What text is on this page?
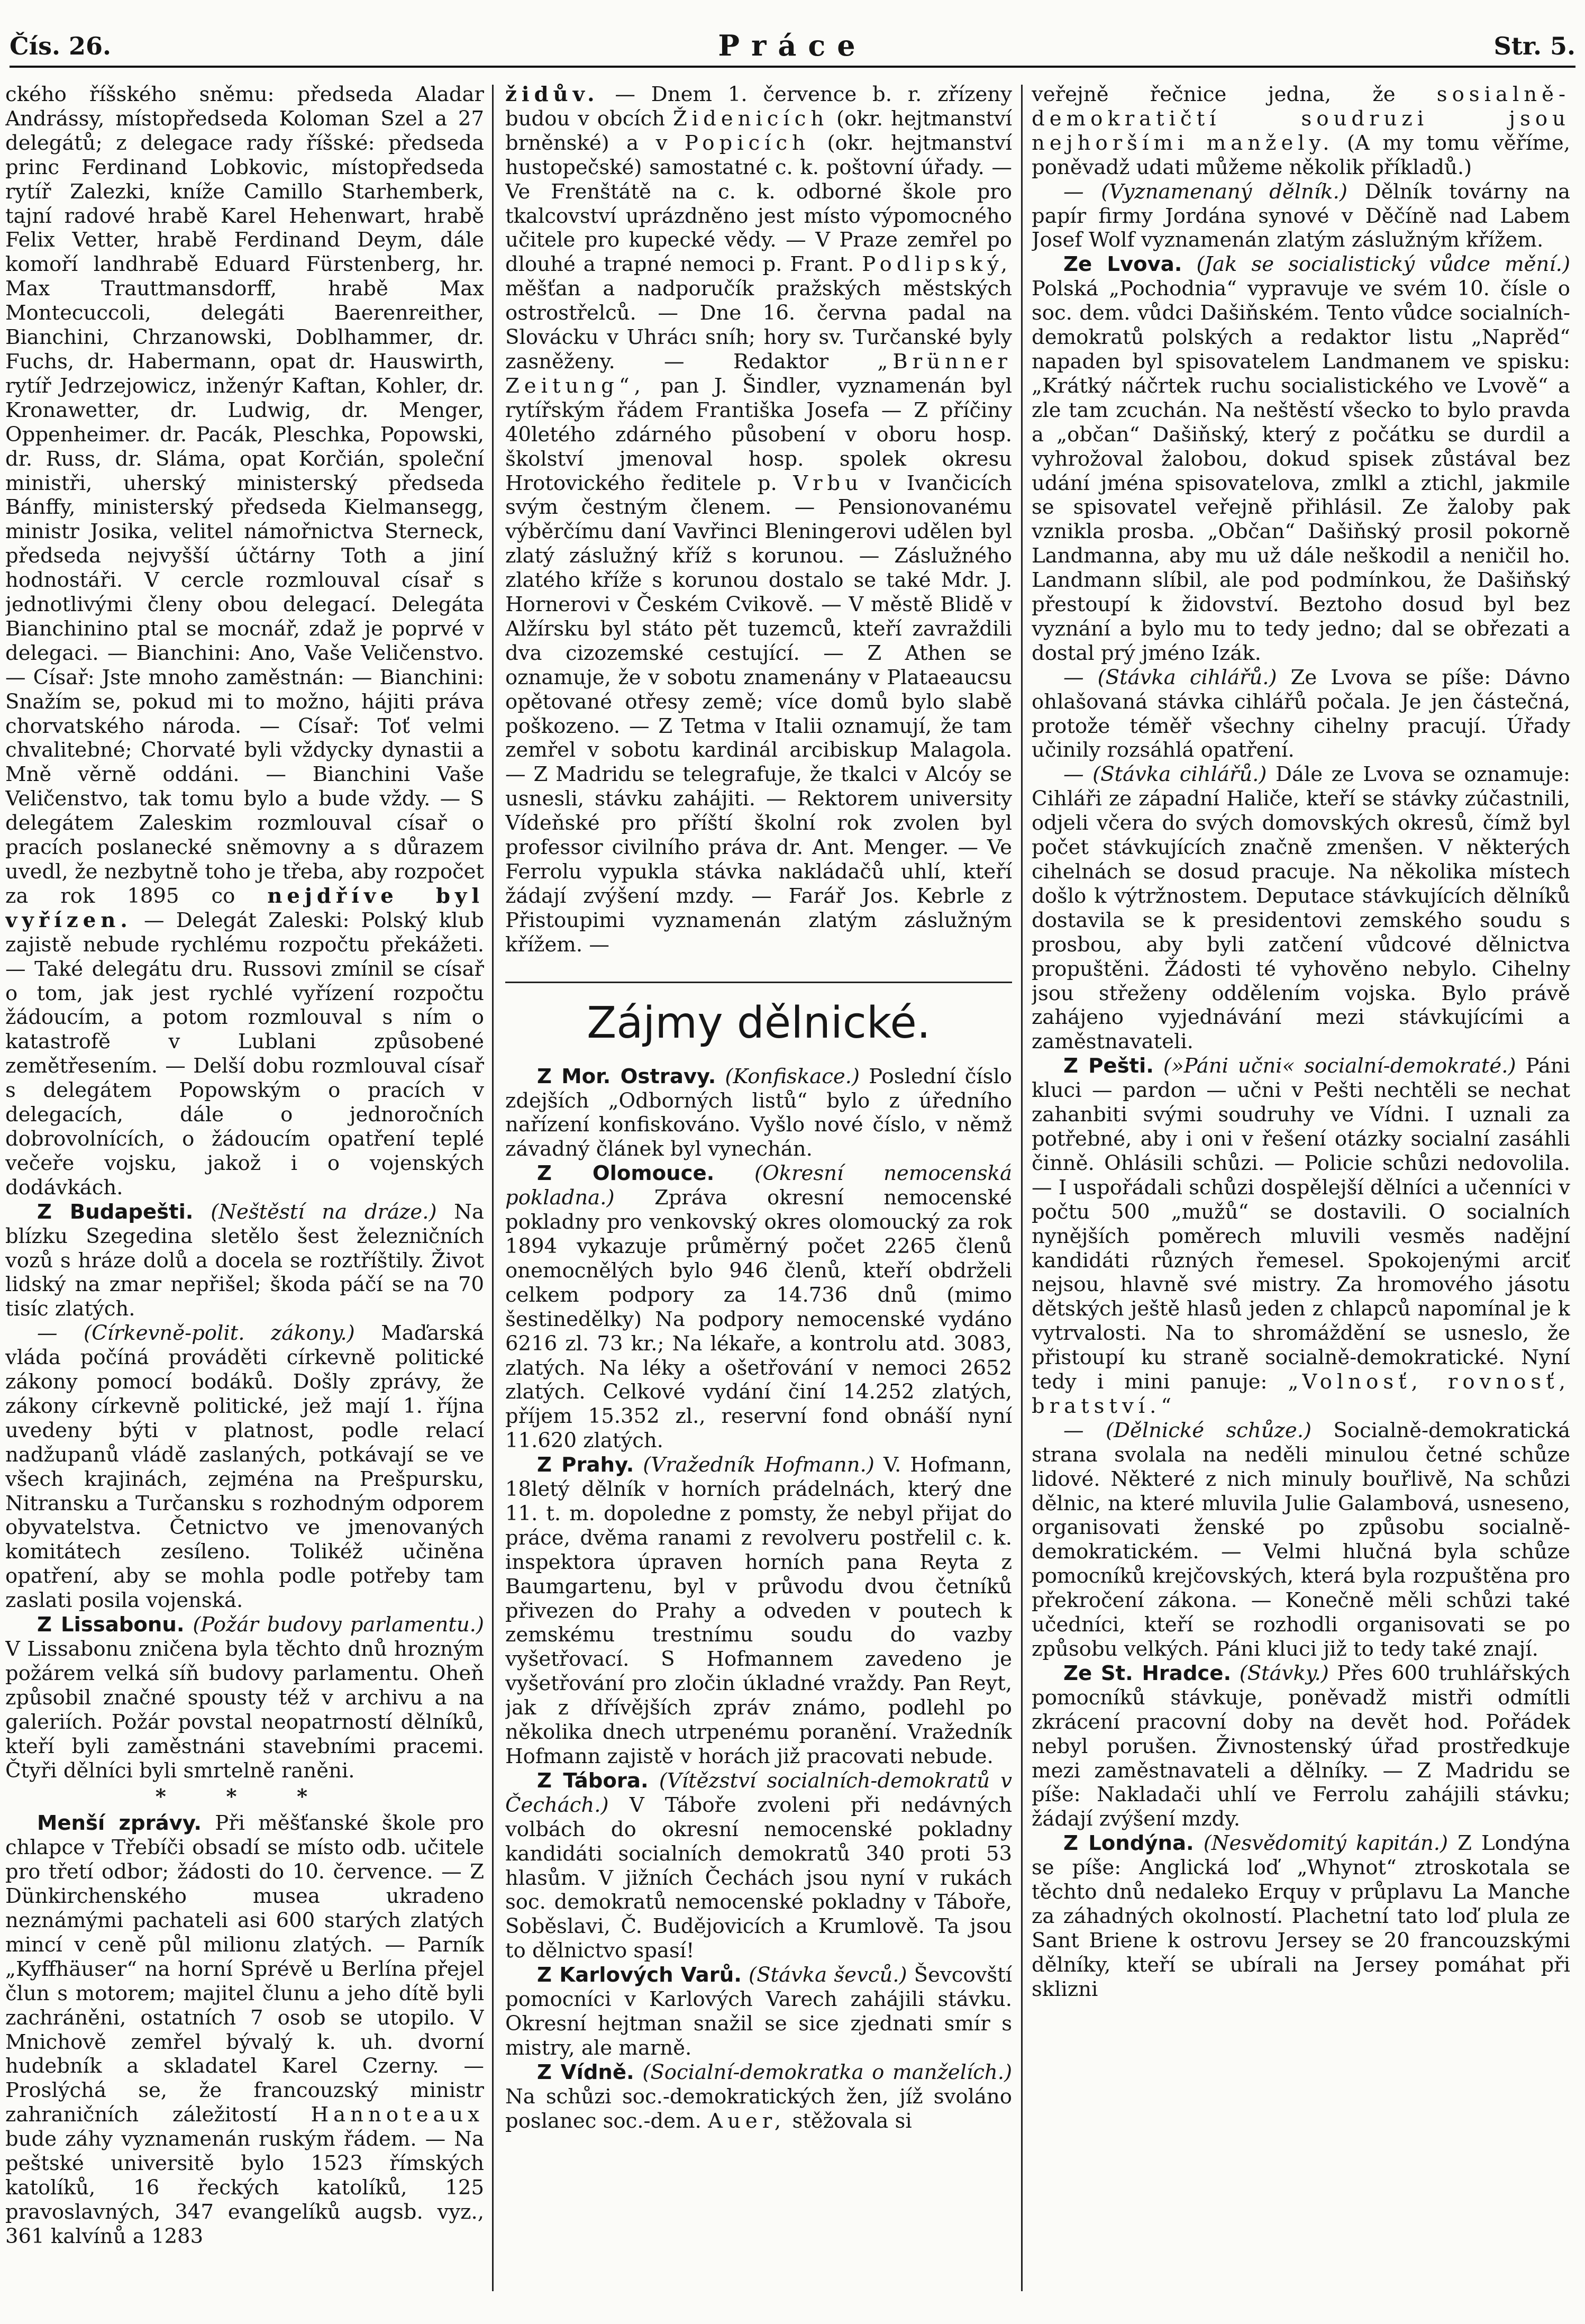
Čís. 26.	Práce	Str. 5.

ckého říšského sněmu: předseda Aladar Andrássy, místopředseda Koloman Szel a 27 delegátů; z delegace rady říšské: předseda princ Ferdinand Lobkovic, místopředseda rytíř Zalezki, kníže Camillo Starhemberk, tajní radové hrabě Karel Hehenwart, hrabě Felix Vetter, hrabě Ferdinand Deym, dále komoří landhrabě Eduard Fürstenberg, hr. Max Trauttmansdorff, hrabě Max Montecuccoli, delegáti Baerenreither, Bianchini, Chrzanowski, Doblhammer, dr. Fuchs, dr. Habermann, opat dr. Hauswirth, rytíř Jedrzejowicz, inženýr Kaftan, Kohler, dr. Kronawetter, dr. Ludwig, dr. Menger, Oppenheimer. dr. Pacák, Pleschka, Popowski, dr. Russ, dr. Sláma, opat Korčián, společní ministři, uherský ministerský předseda Bánffy, ministerský předseda Kielmansegg, ministr Josika, velitel námořnictva Sterneck, předseda nejvyšší účtárny Toth a jiní hodnostáři. V cercle rozmlouval císař s jednotlivými členy obou delegací. Delegáta Bianchinino ptal se mocnář, zdaž je poprvé v delegaci. — Bianchini: Ano, Vaše Veličenstvo. — Císař: Jste mnoho zaměstnán: — Bianchini: Snažím se, pokud mi to možno, hájiti práva chorvatského národa. — Císař: Toť velmi chvalitebné; Chorvaté byli vždycky dynastii a Mně věrně oddáni. — Bianchini Vaše Veličenstvo, tak tomu bylo a bude vždy. — S delegátem Zaleskim rozmlouval císař o pracích poslanecké sněmovny a s důrazem uvedl, že nezbytně toho je třeba, aby rozpočet za rok 1895 co nejdříve byl vyřízen. — Delegát Zaleski: Polský klub zajistě nebude rychlému rozpočtu překážeti. — Také delegátu dru. Russovi zmínil se císař o tom, jak jest rychlé vyřízení rozpočtu žádoucím, a potom rozmlouval s ním o katastrofě v Lublani způsobené zemětřesením. — Delší dobu rozmlouval císař s delegátem Popowským o pracích v delegacích, dále o jednoročních dobrovolnících, o žádoucím opatření teplé večeře vojsku, jakož i o vojenských dodávkách.

Z Budapešti. (Neštěstí na dráze.) Na blízku Szegedina sletělo šest železničních vozů s hráze dolů a docela se roztříštily. Život lidský na zmar nepřišel; škoda páčí se na 70 tisíc zlatých.

— (Církevně-polit. zákony.) Maďarská vláda počíná prováděti církevně politické zákony pomocí bodáků. Došly zprávy, že zákony církevně politické, jež mají 1. října uvedeny býti v platnost, podle relací nadžupanů vládě zaslaných, potkávají se ve všech krajinách, zejména na Prešpursku, Nitransku a Turčansku s rozhodným odporem obyvatelstva. Četnictvo ve jmenovaných komitátech zesíleno. Tolikéž učiněna opatření, aby se mohla podle potřeby tam zaslati posila vojenská.

Z Lissabonu. (Požár budovy parlamentu.) V Lissabonu zničena byla těchto dnů hrozným požárem velká síň budovy parlamentu. Oheň způsobil značné spousty též v archivu a na galeriích. Požár povstal neopatrností dělníků, kteří byli zaměstnáni stavebními pracemi. Čtyři dělníci byli smrtelně raněni.

* * *

Menší zprávy. Při měšťanské škole pro chlapce v Třebíči obsadí se místo odb. učitele pro třetí odbor; žádosti do 10. července. — Z Dünkirchenského musea ukradeno neznámými pachateli asi 600 starých zlatých mincí v ceně půl milionu zlatých. — Parník „Kyffhäuser“ na horní Sprévě u Berlína přejel člun s motorem; majitel člunu a jeho dítě byli zachráněni, ostatních 7 osob se utopilo. V Mnichově zemřel bývalý k. uh. dvorní hudebník a skladatel Karel Czerny. — Proslýchá se, že francouzský ministr zahraničních záležitostí Hannoteaux bude záhy vyznamenán ruským řádem. — Na peštské universitě bylo 1523 římských katolíků, 16 řeckých katolíků, 125 pravoslavných, 347 evangelíků augsb. vyz., 361 kalvínů a 1283

židův. — Dnem 1. července b. r. zřízeny budou v obcích Židenicích (okr. hejtmanství brněnské) a v Popicích (okr. hejtmanství hustopečské) samostatné c. k. poštovní úřady. — Ve Frenštátě na c. k. odborné škole pro tkalcovství uprázdněno jest místo výpomocného učitele pro kupecké vědy. — V Praze zemřel po dlouhé a trapné nemoci p. Frant. Podlipský, měšťan a nadporučík pražských městských ostrostřelců. — Dne 16. června padal na Slovácku v Uhrácı sníh; hory sv. Turčanské byly zasněženy. — Redaktor „Brünner Zeitung“, pan J. Šindler, vyznamenán byl rytířským řádem Františka Josefa — Z příčiny 40letého zdárného působení v oboru hosp. školství jmenoval hosp. spolek okresu Hrotovického ředitele p. Vrbu v Ivančicích svým čestným členem. — Pensionovanému výběrčímu daní Vavřinci Bleningerovi udělen byl zlatý záslužný kříž s korunou. — Záslužného zlatého kříže s korunou dostalo se také Mdr. J. Hornerovi v Českém Cvikově. — V městě Blidě v Alžírsku byl státo pět tuzemců, kteří zavraždili dva cizozemské cestující. — Z Athen se oznamuje, že v sobotu znamenány v Plataeaucsu opětované otřesy země; více domů bylo slabě poškozeno. — Z Tetma v Italii oznamují, že tam zemřel v sobotu kardinál arcibiskup Malagola. — Z Madridu se telegrafuje, že tkalci v Alcóy se usnesli, stávku zahájiti. — Rektorem university Vídeňské pro příští školní rok zvolen byl professor civilního práva dr. Ant. Menger. — Ve Ferrolu vypukla stávka nakládačů uhlí, kteří žádají zvýšení mzdy. — Farář Jos. Kebrle z Přistoupimi vyznamenán zlatým záslužným křížem. —

Zájmy dělnické.

Z Mor. Ostravy. (Konfiskace.) Poslední číslo zdejších „Odborných listů“ bylo z úředního nařízení konfiskováno. Vyšlo nové číslo, v němž závadný článek byl vynechán.

Z Olomouce. (Okresní nemocenská pokladna.) Zpráva okresní nemocenské pokladny pro venkovský okres olomoucký za rok 1894 vykazuje průměrný počet 2265 členů onemocnělých bylo 946 členů, kteří obdrželi celkem podpory za 14.736 dnů (mimo šestinedělky) Na podpory nemocenské vydáno 6216 zl. 73 kr.; Na lékaře, a kontrolu atd. 3083, zlatých. Na léky a ošetřování v nemoci 2652 zlatých. Celkové vydání činí 14.252 zlatých, příjem 15.352 zl., reservní fond obnáší nyní 11.620 zlatých.

Z Prahy. (Vražedník Hofmann.) V. Hofmann, 18letý dělník v horních prádelnách, který dne 11. t. m. dopoledne z pomsty, že nebyl přijat do práce, dvěma ranami z revolveru postřelil c. k. inspektora úpraven horních pana Reyta z Baumgartenu, byl v průvodu dvou četníků přivezen do Prahy a odveden v poutech k zemskému trestnímu soudu do vazby vyšetřovací. S Hofmannem zavedeno je vyšetřování pro zločin úkladné vraždy. Pan Reyt, jak z dřívějších zpráv známo, podlehl po několika dnech utrpenému poranění. Vražedník Hofmann zajistě v horách již pracovati nebude.

Z Tábora. (Vítězství socialních-demokratů v Čechách.) V Táboře zvoleni při nedávných volbách do okresní nemocenské pokladny kandidáti socialních demokratů 340 proti 53 hlasům. V jižních Čechách jsou nyní v rukách soc. demokratů nemocenské pokladny v Táboře, Soběslavi, Č. Budějovicích a Krumlově. Ta jsou to dělnictvo spasí!

Z Karlových Varů. (Stávka ševců.) Ševcovští pomocníci v Karlových Varech zahájili stávku. Okresní hejtman snažil se sice zjednati smír s mistry, ale marně.

Z Vídně. (Socialní-demokratka o manželích.) Na schůzi soc.-demokratických žen, jíž svoláno poslanec soc.-dem. Auer, stěžovala si

veřejně řečnice jedna, že sosialně-demokratičtí soudruzi jsou nejhoršími manžely. (A my tomu věříme, poněvadž udati můžeme několik příkladů.)

— (Vyznamenaný dělník.) Dělník továrny na papír firmy Jordána synové v Děčíně nad Labem Josef Wolf vyznamenán zlatým záslužným křížem.

Ze Lvova. (Jak se socialistický vůdce mění.) Polská „Pochodnia“ vypravuje ve svém 10. čísle o soc. dem. vůdci Dašiňském. Tento vůdce socialních-demokratů polských a redaktor listu „Naprěd“ napaden byl spisovatelem Landmanem ve spisku: „Krátký náčrtek ruchu socialistického ve Lvově“ a zle tam zcuchán. Na neštěstí všecko to bylo pravda a „občan“ Dašiňský, který z počátku se durdil a vyhrožoval žalobou, dokud spisek zůstával bez udání jména spisovatelova, zmlkl a ztichl, jakmile se spisovatel veřejně přihlásil. Ze žaloby pak vznikla prosba. „Občan“ Dašiňský prosil pokorně Landmanna, aby mu už dále neškodil a neničil ho. Landmann slíbil, ale pod podmínkou, že Dašiňský přestoupí k židovství. Beztoho dosud byl bez vyznání a bylo mu to tedy jedno; dal se obřezati a dostal prý jméno Izák.

— (Stávka cihlářů.) Ze Lvova se píše: Dávno ohlašovaná stávka cihlářů počala. Je jen částečná, protože téměř všechny cihelny pracují. Úřady učinily rozsáhlá opatření.

— (Stávka cihlářů.) Dále ze Lvova se oznamuje: Cihláři ze západní Haliče, kteří se stávky zúčastnili, odjeli včera do svých domovských okresů, čímž byl počet stávkujících značně zmenšen. V některých cihelnách se dosud pracuje. Na několika místech došlo k výtržnostem. Deputace stávkujících dělníků dostavila se k presidentovi zemského soudu s prosbou, aby byli zatčení vůdcové dělnictva propuštěni. Žádosti té vyhověno nebylo. Cihelny jsou střeženy oddělením vojska. Bylo právě zahájeno vyjednávání mezi stávkujícími a zaměstnavateli.

Z Pešti. (»Páni učni« socialní-demokraté.) Páni kluci — pardon — učni v Pešti nechtěli se nechat zahanbiti svými soudruhy ve Vídni. I uznali za potřebné, aby i oni v řešení otázky socialní zasáhli činně. Ohlásili schůzi. — Policie schůzi nedovolila. — I uspořádali schůzi dospělejší dělníci a učenníci v počtu 500 „mužů“ se dostavili. O socialních nynějších poměrech mluvili vesměs nadějní kandidáti různých řemesel. Spokojenými arciť nejsou, hlavně své mistry. Za hromového jásotu dětských ještě hlasů jeden z chlapců napomínal je k vytrvalosti. Na to shromáždění se usneslo, že přistoupí ku straně socialně-demokratické. Nyní tedy i mini panuje: „Volnosť, rovnosť, bratství.“

— (Dělnické schůze.) Socialně-demokratická strana svolala na neděli minulou četné schůze lidové. Některé z nich minuly bouřlivě, Na schůzi dělnic, na které mluvila Julie Galambová, usneseno, organisovati ženské po způsobu socialně-demokratickém. — Velmi hlučná byla schůze pomocníků krejčovských, která byla rozpuštěna pro překročení zákona. — Konečně měli schůzi také učedníci, kteří se rozhodli organisovati se po způsobu velkých. Páni kluci již to tedy také znají.

Ze St. Hradce. (Stávky.) Přes 600 truhlářských pomocníků stávkuje, poněvadž mistři odmítli zkrácení pracovní doby na devět hod. Pořádek nebyl porušen. Živnostenský úřad prostředkuje mezi zaměstnavateli a dělníky. — Z Madridu se píše: Nakladači uhlí ve Ferrolu zahájili stávku; žádají zvýšení mzdy.

Z Londýna. (Nesvědomitý kapitán.) Z Londýna se píše: Anglická loď „Whynot“ ztroskotala se těchto dnů nedaleko Erquy v průplavu La Manche za záhadných okolností. Plachetní tato loď plula ze Sant Briene k ostrovu Jersey se 20 francouzskými dělníky, kteří se ubírali na Jersey pomáhat při sklizni
